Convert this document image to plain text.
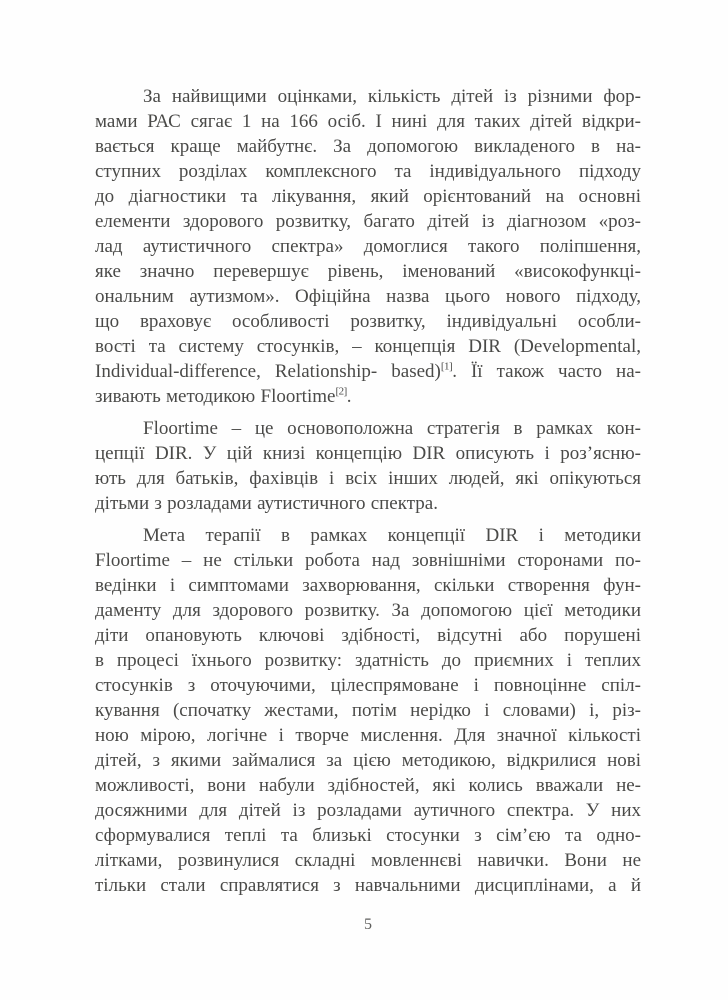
За найвищими оцінками, кількість дітей із різними фор-
мами РАС сягає 1 на 166 осіб. І нині для таких дітей відкри-
вається краще майбутнє. За допомогою викладеного в на-
ступних розділах комплексного та індивідуального підходу
до діагностики та лікування, який орієнтований на основні
елементи здорового розвитку, багато дітей із діагнозом «роз-
лад аутистичного спектра» домоглися такого поліпшення,
яке значно перевершує рівень, іменований «високофункці-
ональним аутизмом». Офіційна назва цього нового підходу,
що враховує особливості розвитку, індивідуальні особли-
вості та систему стосунків, – концепція DIR (Developmental,
Individual-difference, Relationship- based)[1]. Її також часто на-
зивають методикою Floortime[2].
Floortime – це основоположна стратегія в рамках кон-
цепції DIR. У цій книзі концепцію DIR описують і роз’ясню-
ють для батьків, фахівців і всіх інших людей, які опікуються
дітьми з розладами аутистичного спектра.
Мета терапії в рамках концепції DIR і методики
Floortime – не стільки робота над зовнішніми сторонами по-
ведінки і симптомами захворювання, скільки створення фун-
даменту для здорового розвитку. За допомогою цієї методики
діти опановують ключові здібності, відсутні або порушені
в процесі їхнього розвитку: здатність до приємних і теплих
стосунків з оточуючими, цілеспрямоване і повноцінне спіл-
кування (спочатку жестами, потім нерідко і словами) і, різ-
ною мірою, логічне і творче мислення. Для значної кількості
дітей, з якими займалися за цією методикою, відкрилися нові
можливості, вони набули здібностей, які колись вважали не-
досяжними для дітей із розладами аутичного спектра. У них
сформувалися теплі та близькі стосунки з сім’єю та одно-
літками, розвинулися складні мовленнєві навички. Вони не
тільки стали справлятися з навчальними дисциплінами, а й
5
